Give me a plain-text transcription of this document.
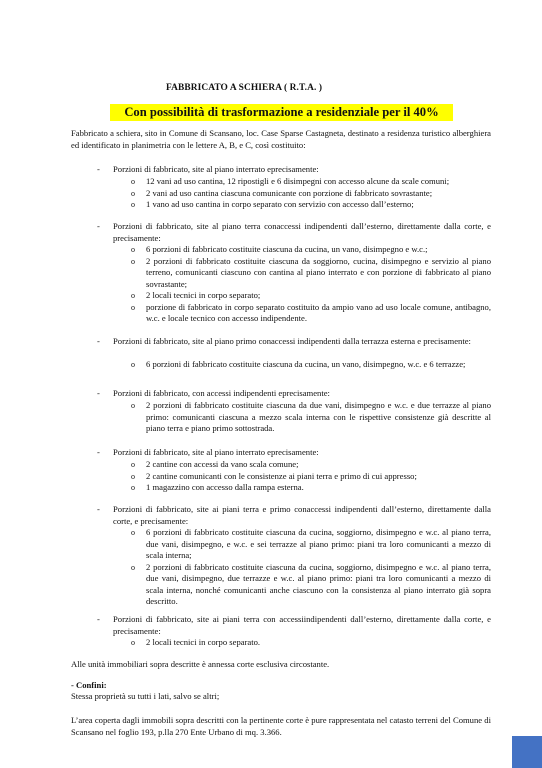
FABBRICATO A SCHIERA ( R.T.A. )
Con possibilità di trasformazione a residenziale per il 40%
Fabbricato a schiera, sito in Comune di Scansano, loc. Case Sparse Castagneta, destinato a residenza turistico alberghiera ed identificato in planimetria con le lettere A, B, e C, così costituito:
- Porzioni di fabbricato, site al piano interrato eprecisamente:
o 12 vani ad uso cantina, 12 ripostigli e 6 disimpegni con accesso alcune da scale comuni;
o 2 vani ad uso cantina ciascuna comunicante con porzione di fabbricato sovrastante;
o 1 vano ad uso cantina in corpo separato con servizio con accesso dall’esterno;
- Porzioni di fabbricato, site al piano terra conaccessi indipendenti dall’esterno, direttamente dalla corte, e precisamente:
o 6 porzioni di fabbricato costituite ciascuna da cucina, un vano, disimpegno e w.c.;
o 2 porzioni di fabbricato costituite ciascuna da soggiorno, cucina, disimpegno e servizio al piano terreno, comunicanti ciascuno con cantina al piano interrato e con porzione di fabbricato al piano sovrastante;
o 2 locali tecnici in corpo separato;
o porzione di fabbricato in corpo separato costituito da ampio vano ad uso locale comune, antibagno, w.c. e locale tecnico con accesso indipendente.
- Porzioni di fabbricato, site al piano primo conaccessi indipendenti dalla terrazza esterna e precisamente:
o 6 porzioni di fabbricato costituite ciascuna da cucina, un vano, disimpegno, w.c. e 6 terrazze;
- Porzioni di fabbricato, con accessi indipendenti eprecisamente:
o 2 porzioni di fabbricato costituite ciascuna da due vani, disimpegno e w.c. e due terrazze al piano primo: comunicanti ciascuna a mezzo scala interna con le rispettive consistenze già descritte al piano terra e piano primo sottostrada.
- Porzioni di fabbricato, site al piano interrato eprecisamente:
o 2 cantine con accessi da vano scala comune;
o 2 cantine comunicanti con le consistenze ai piani terra e primo di cui appresso;
o 1 magazzino con accesso dalla rampa esterna.
- Porzioni di fabbricato, site ai piani terra e primo conaccessi indipendenti dall’esterno, direttamente dalla corte, e precisamente:
o 6 porzioni di fabbricato costituite ciascuna da cucina, soggiorno, disimpegno e w.c. al piano terra, due vani, disimpegno, e w.c. e sei terrazze al piano primo: piani tra loro comunicanti a mezzo di scala interna;
o 2 porzioni di fabbricato costituite ciascuna da cucina, soggiorno, disimpegno e w.c. al piano terra, due vani, disimpegno, due terrazze e w.c. al piano primo: piani tra loro comunicanti a mezzo di scala interna, nonché comunicanti anche ciascuno con la consistenza al piano interrato già sopra descritto.
- Porzioni di fabbricato, site ai piani terra con accessiindipendenti dall’esterno, direttamente dalla corte, e precisamente:
o 2 locali tecnici in corpo separato.
Alle unità immobiliari sopra descritte è annessa corte esclusiva circostante.
- Confini:
Stessa proprietà su tutti i lati, salvo se altri;
L’area coperta dagli immobili sopra descritti con la pertinente corte è pure rappresentata nel catasto terreni del Comune di Scansano nel foglio 193, p.lla 270 Ente Urbano di mq. 3.366.
